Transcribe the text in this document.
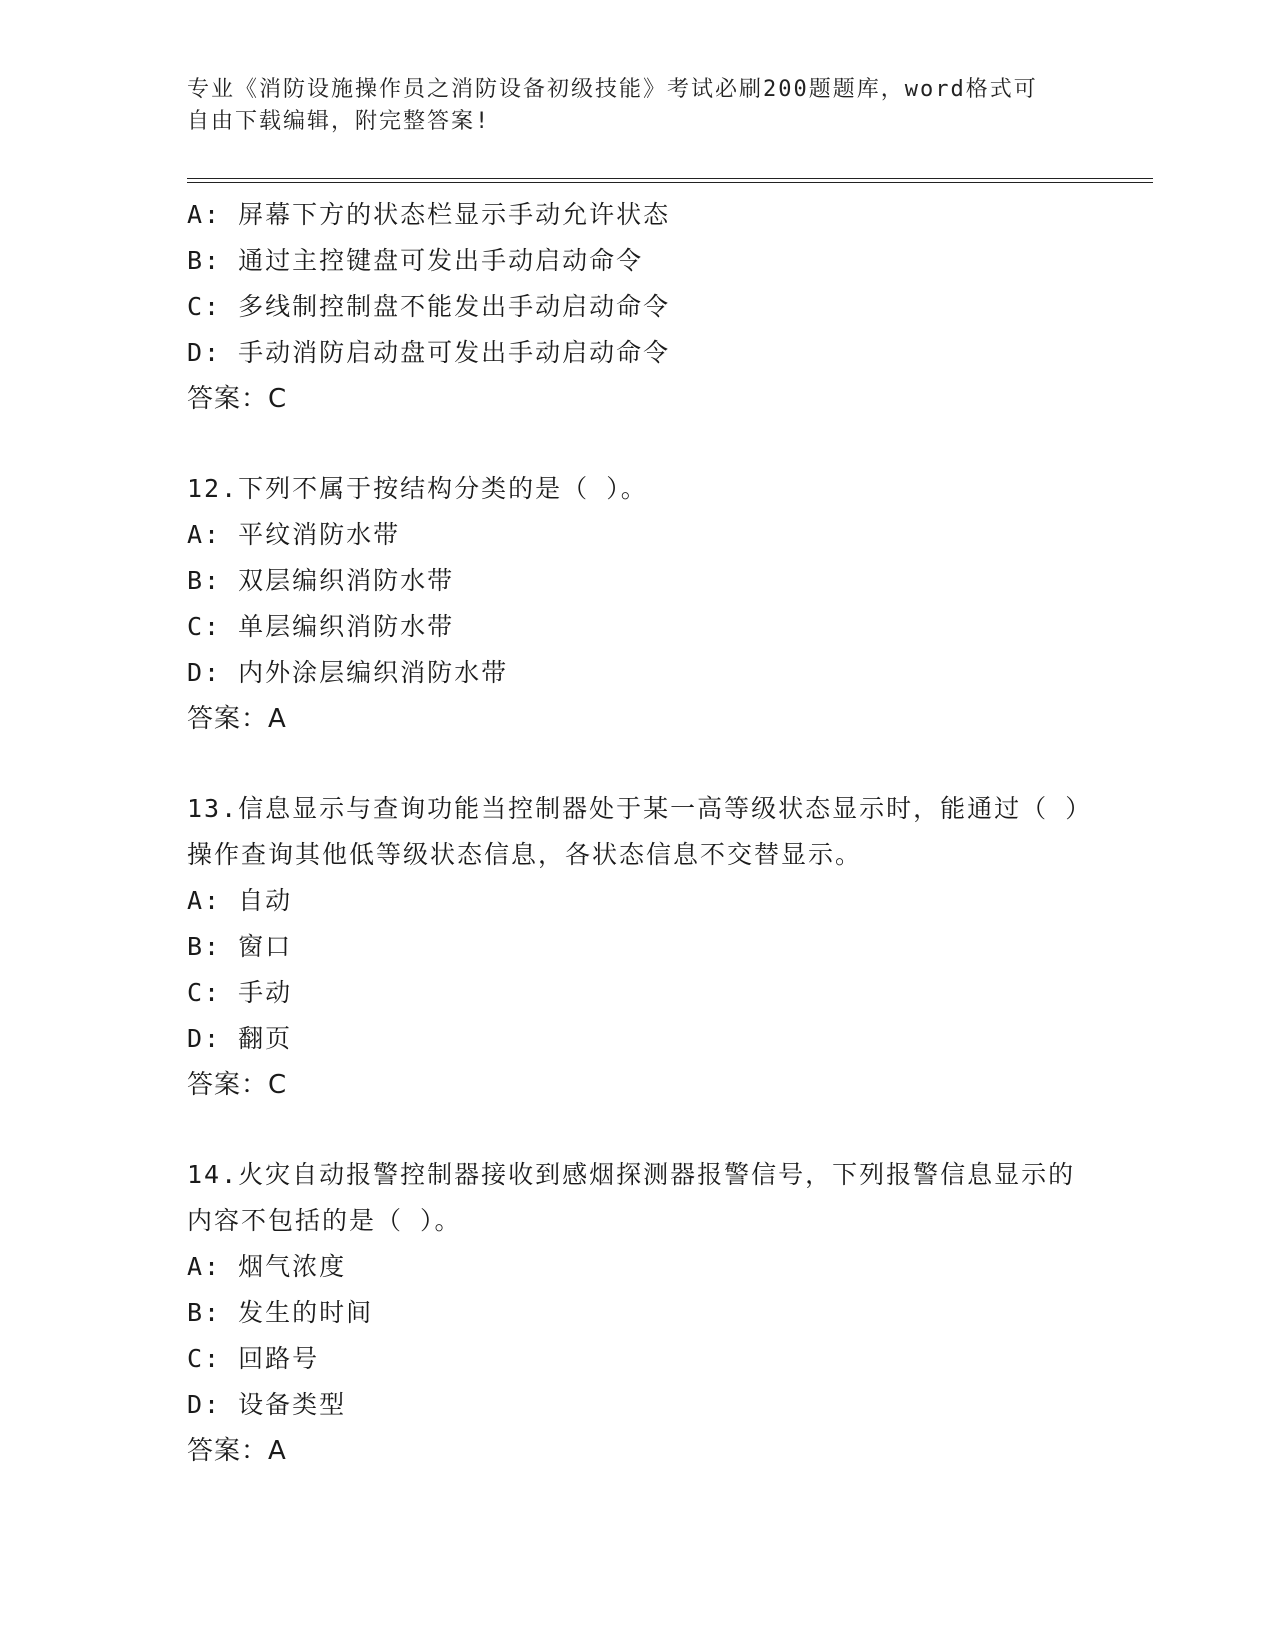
专业《消防设施操作员之消防设备初级技能》考试必刷200题题库，word格式可
自由下载编辑，附完整答案!
A: 屏幕下方的状态栏显示手动允许状态
B: 通过主控键盘可发出手动启动命令
C: 多线制控制盘不能发出手动启动命令
D: 手动消防启动盘可发出手动启动命令
答案：C
12.下列不属于按结构分类的是（ ）。
A: 平纹消防水带
B: 双层编织消防水带
C: 单层编织消防水带
D: 内外涂层编织消防水带
答案：A
13.信息显示与查询功能当控制器处于某一高等级状态显示时，能通过（ ）操作查询其他低等级状态信息，各状态信息不交替显示。
A: 自动
B: 窗口
C: 手动
D: 翻页
答案：C
14.火灾自动报警控制器接收到感烟探测器报警信号，下列报警信息显示的内容不包括的是（ ）。
A: 烟气浓度
B: 发生的时间
C: 回路号
D: 设备类型
答案：A
